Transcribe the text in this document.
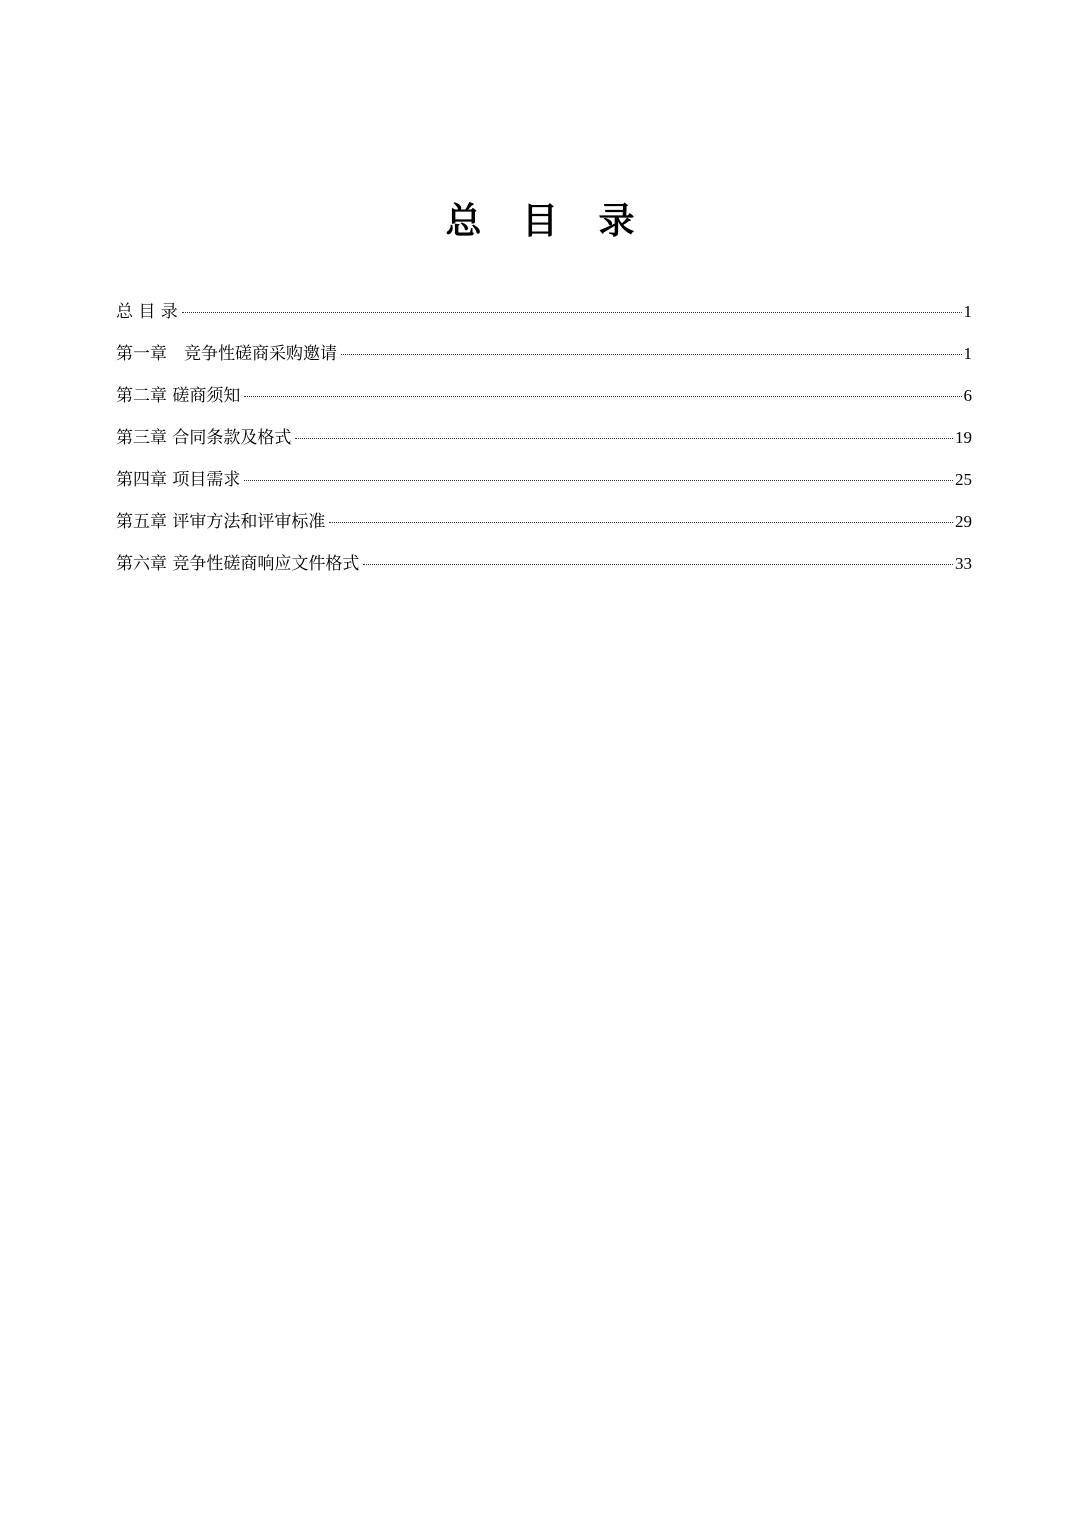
总 目 录
总 目 录	1
第一章　竞争性磋商采购邀请	1
第二章 磋商须知	6
第三章 合同条款及格式	19
第四章 项目需求	25
第五章 评审方法和评审标准	29
第六章 竞争性磋商响应文件格式	33
